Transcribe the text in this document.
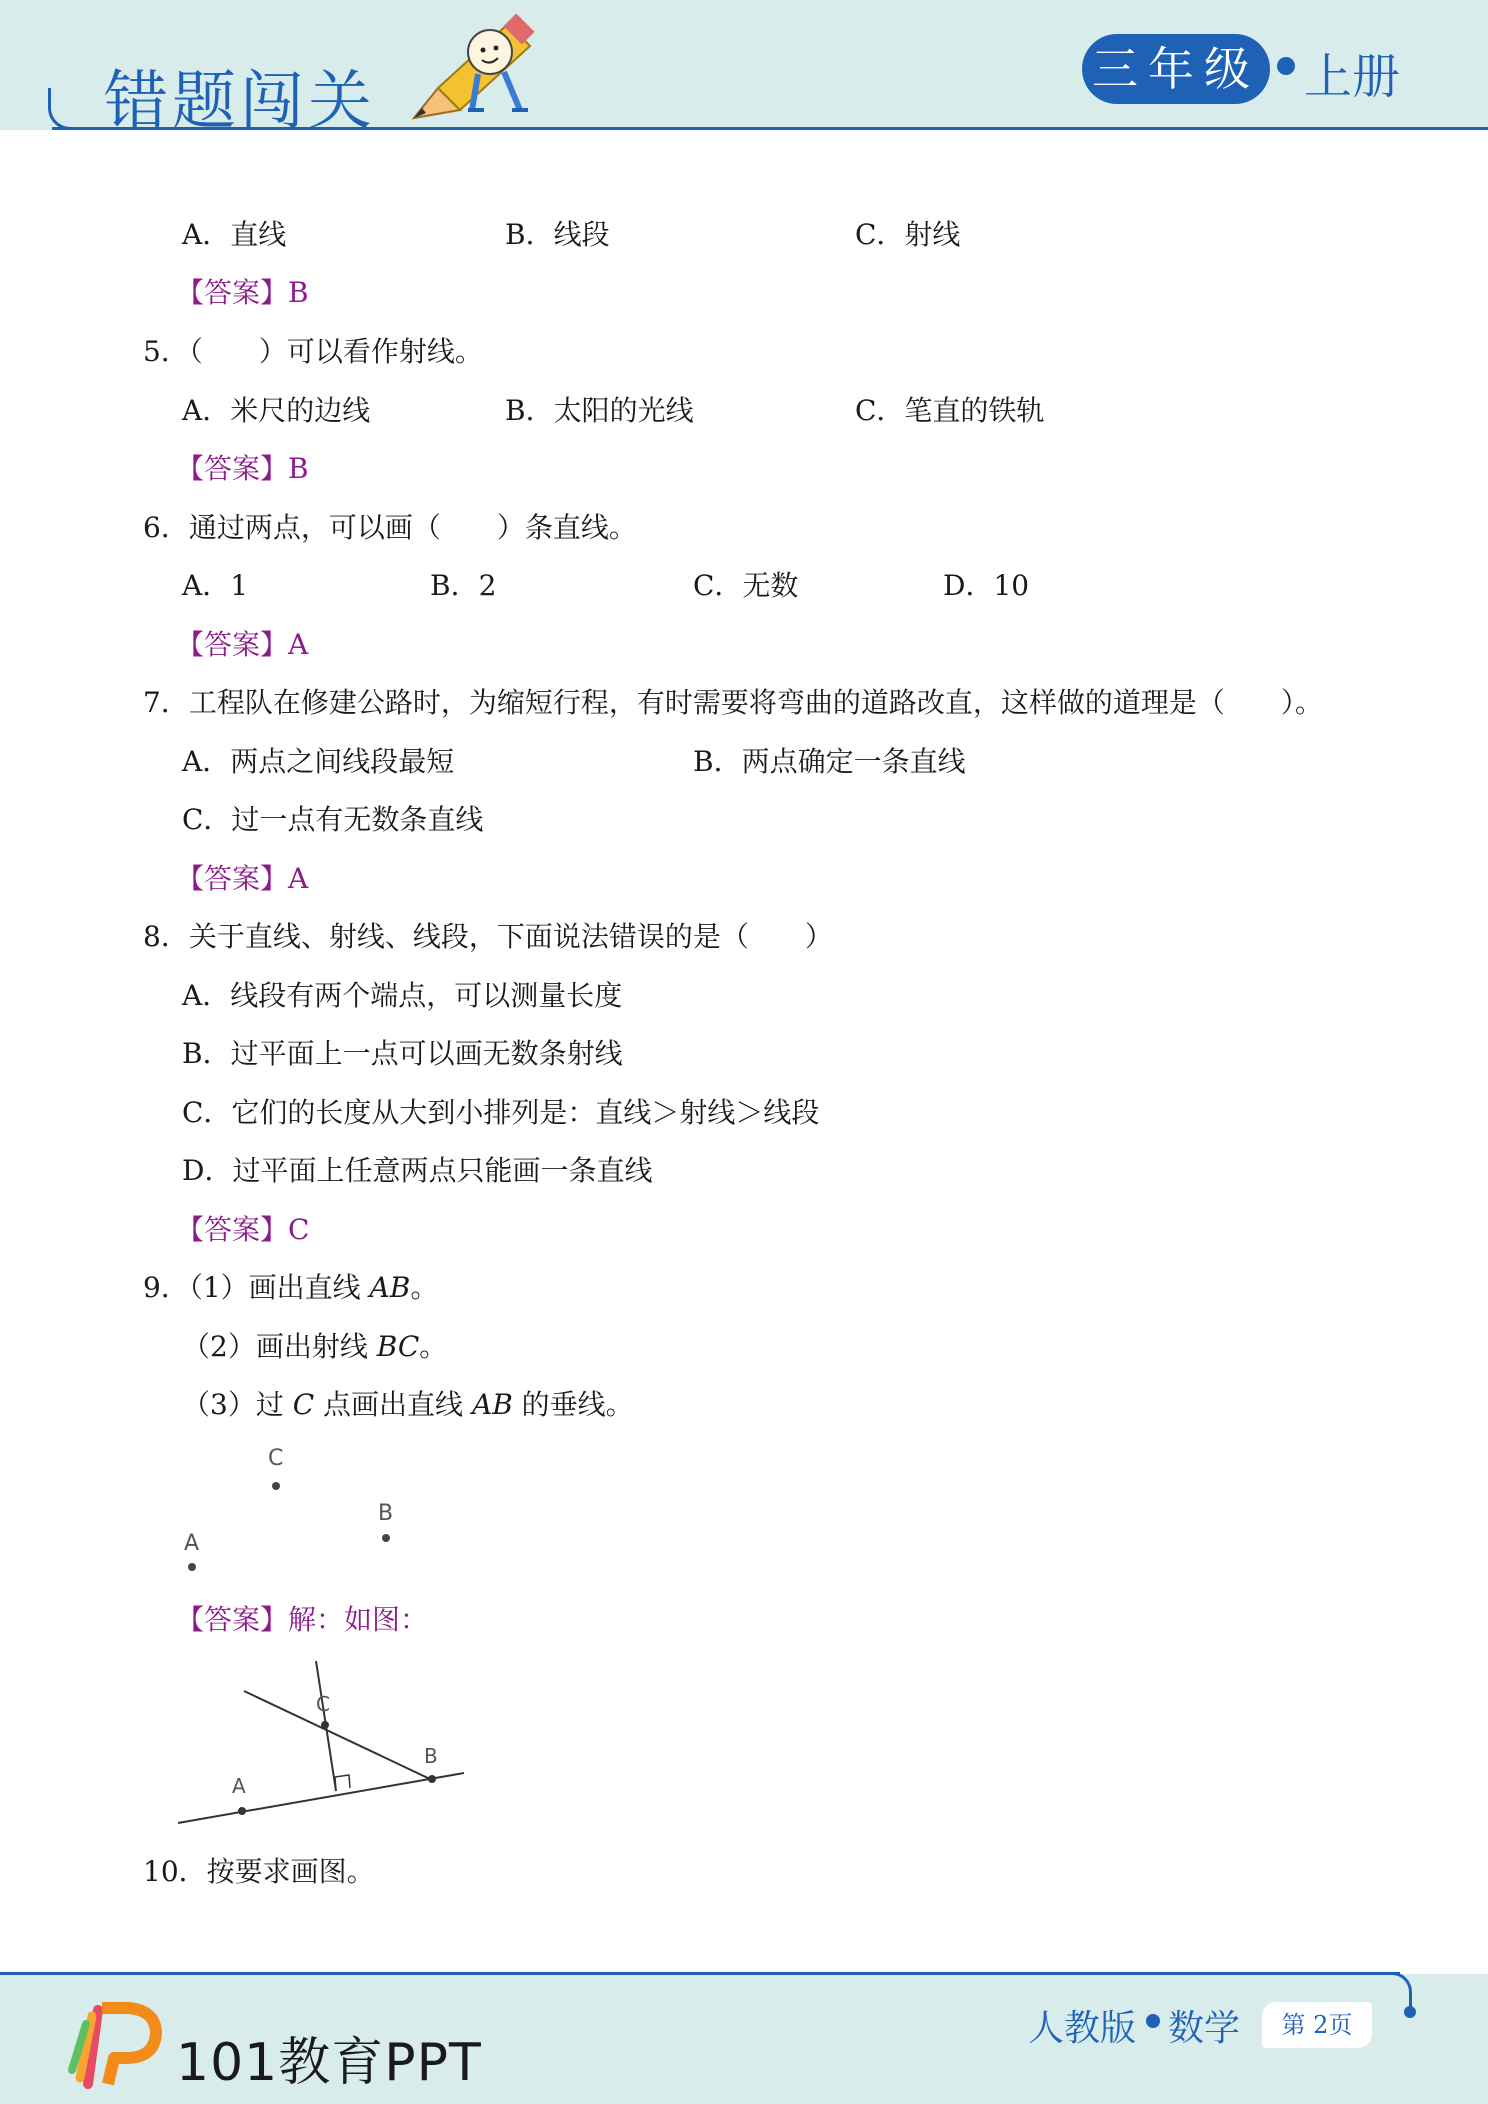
错题闯关	三年级 上册
A．直线	B．线段	C．射线
【答案】B
5．（　　）可以看作射线。
A．米尺的边线	B．太阳的光线	C．笔直的铁轨
【答案】B
6．通过两点，可以画（　　）条直线。
A．1	B．2	C．无数	D．10
【答案】A
7．工程队在修建公路时，为缩短行程，有时需要将弯曲的道路改直，这样做的道理是（　　）。
A．两点之间线段最短	B．两点确定一条直线
C．过一点有无数条直线
【答案】A
8．关于直线、射线、线段，下面说法错误的是（　　）
A．线段有两个端点，可以测量长度
B．过平面上一点可以画无数条射线
C．它们的长度从大到小排列是：直线＞射线＞线段
D．过平面上任意两点只能画一条直线
【答案】C
9．（1）画出直线 AB。
（2）画出射线 BC。
（3）过 C 点画出直线 AB 的垂线。
C
B
A
【答案】解：如图：
C
B
A
10．按要求画图。
101教育PPT
人教版 数学	第 2页
